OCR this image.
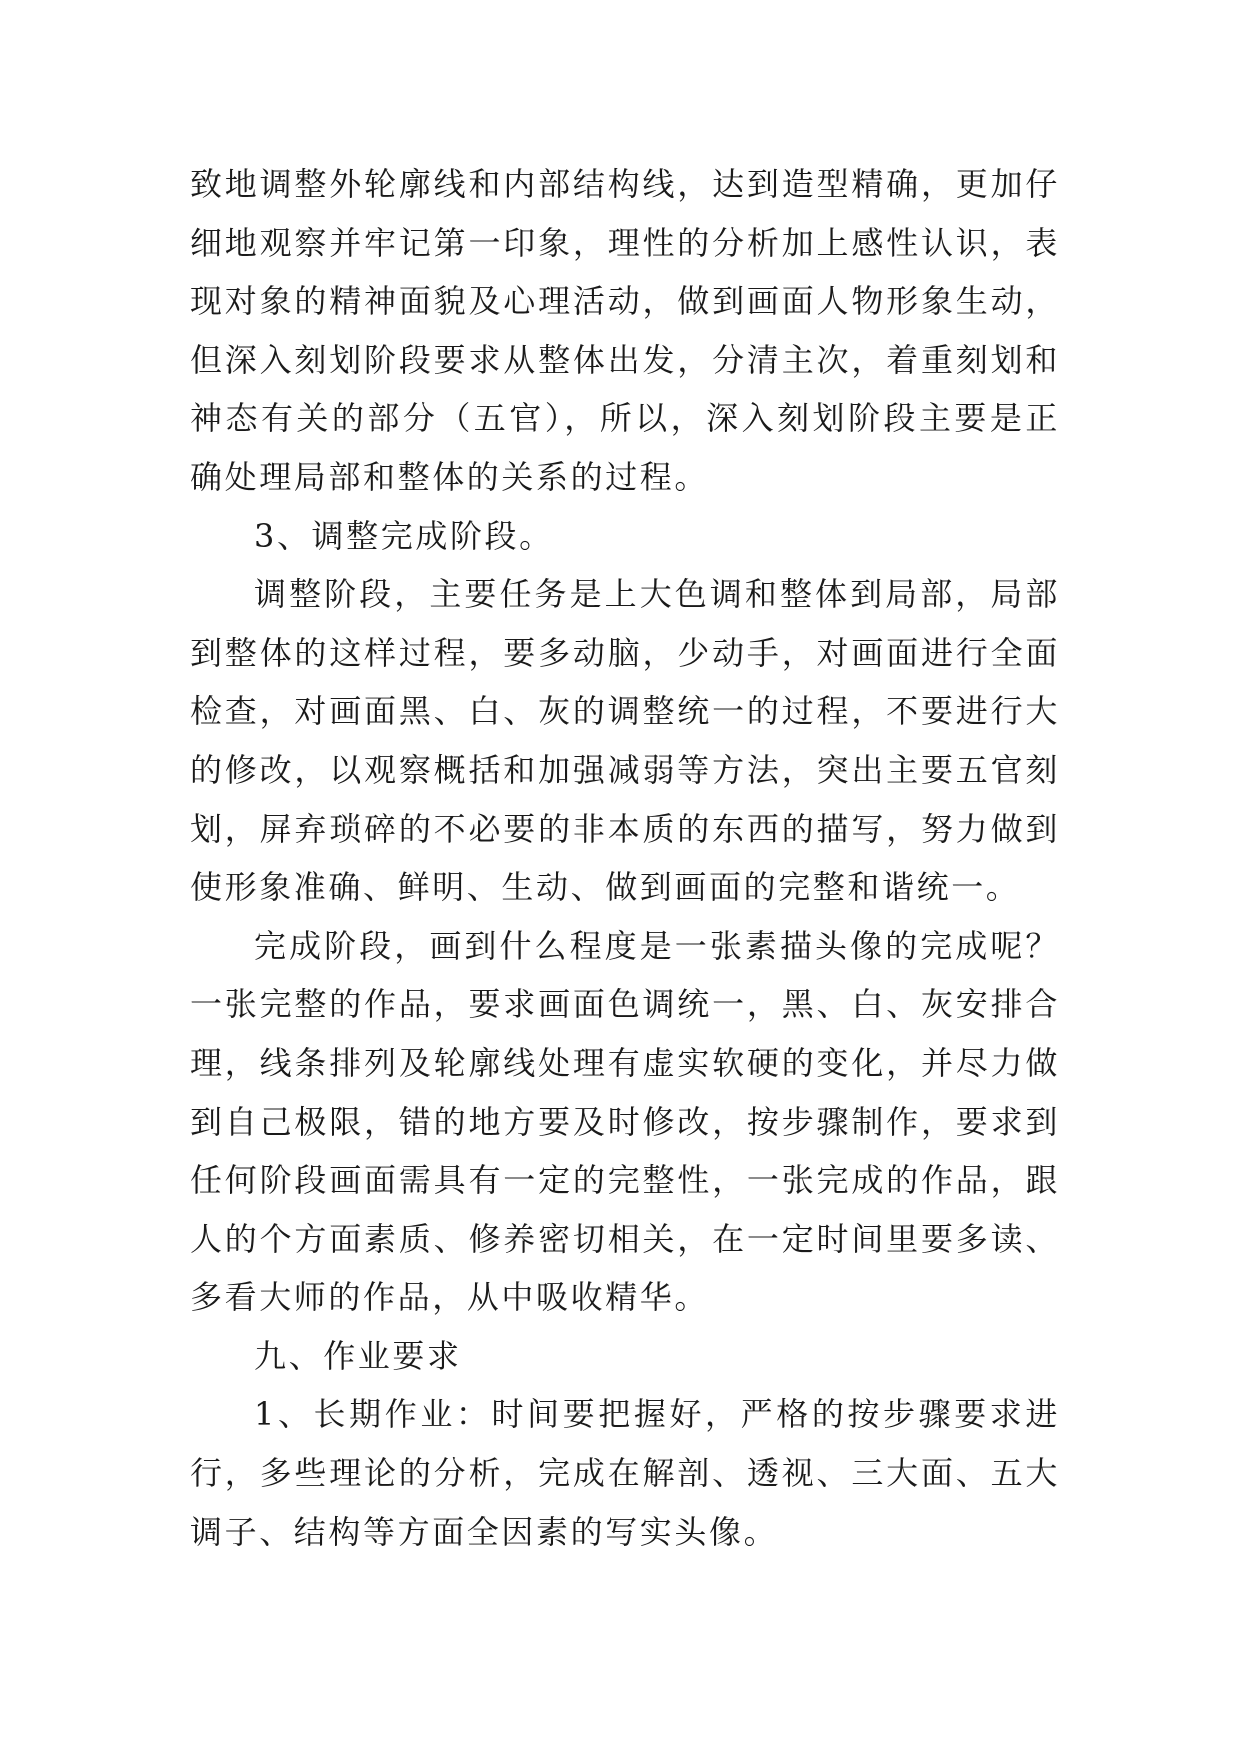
致地调整外轮廓线和内部结构线，达到造型精确，更加仔细地观察并牢记第一印象，理性的分析加上感性认识，表现对象的精神面貌及心理活动，做到画面人物形象生动，但深入刻划阶段要求从整体出发，分清主次，着重刻划和神态有关的部分（五官），所以，深入刻划阶段主要是正确处理局部和整体的关系的过程。

3、调整完成阶段。

调整阶段，主要任务是上大色调和整体到局部，局部到整体的这样过程，要多动脑，少动手，对画面进行全面检查，对画面黑、白、灰的调整统一的过程，不要进行大的修改，以观察概括和加强减弱等方法，突出主要五官刻划，屏弃琐碎的不必要的非本质的东西的描写，努力做到使形象准确、鲜明、生动、做到画面的完整和谐统一。

完成阶段，画到什么程度是一张素描头像的完成呢？一张完整的作品，要求画面色调统一，黑、白、灰安排合理，线条排列及轮廓线处理有虚实软硬的变化，并尽力做到自己极限，错的地方要及时修改，按步骤制作，要求到任何阶段画面需具有一定的完整性，一张完成的作品，跟人的个方面素质、修养密切相关，在一定时间里要多读、多看大师的作品，从中吸收精华。

九、作业要求

1、长期作业：时间要把握好，严格的按步骤要求进行，多些理论的分析，完成在解剖、透视、三大面、五大调子、结构等方面全因素的写实头像。
